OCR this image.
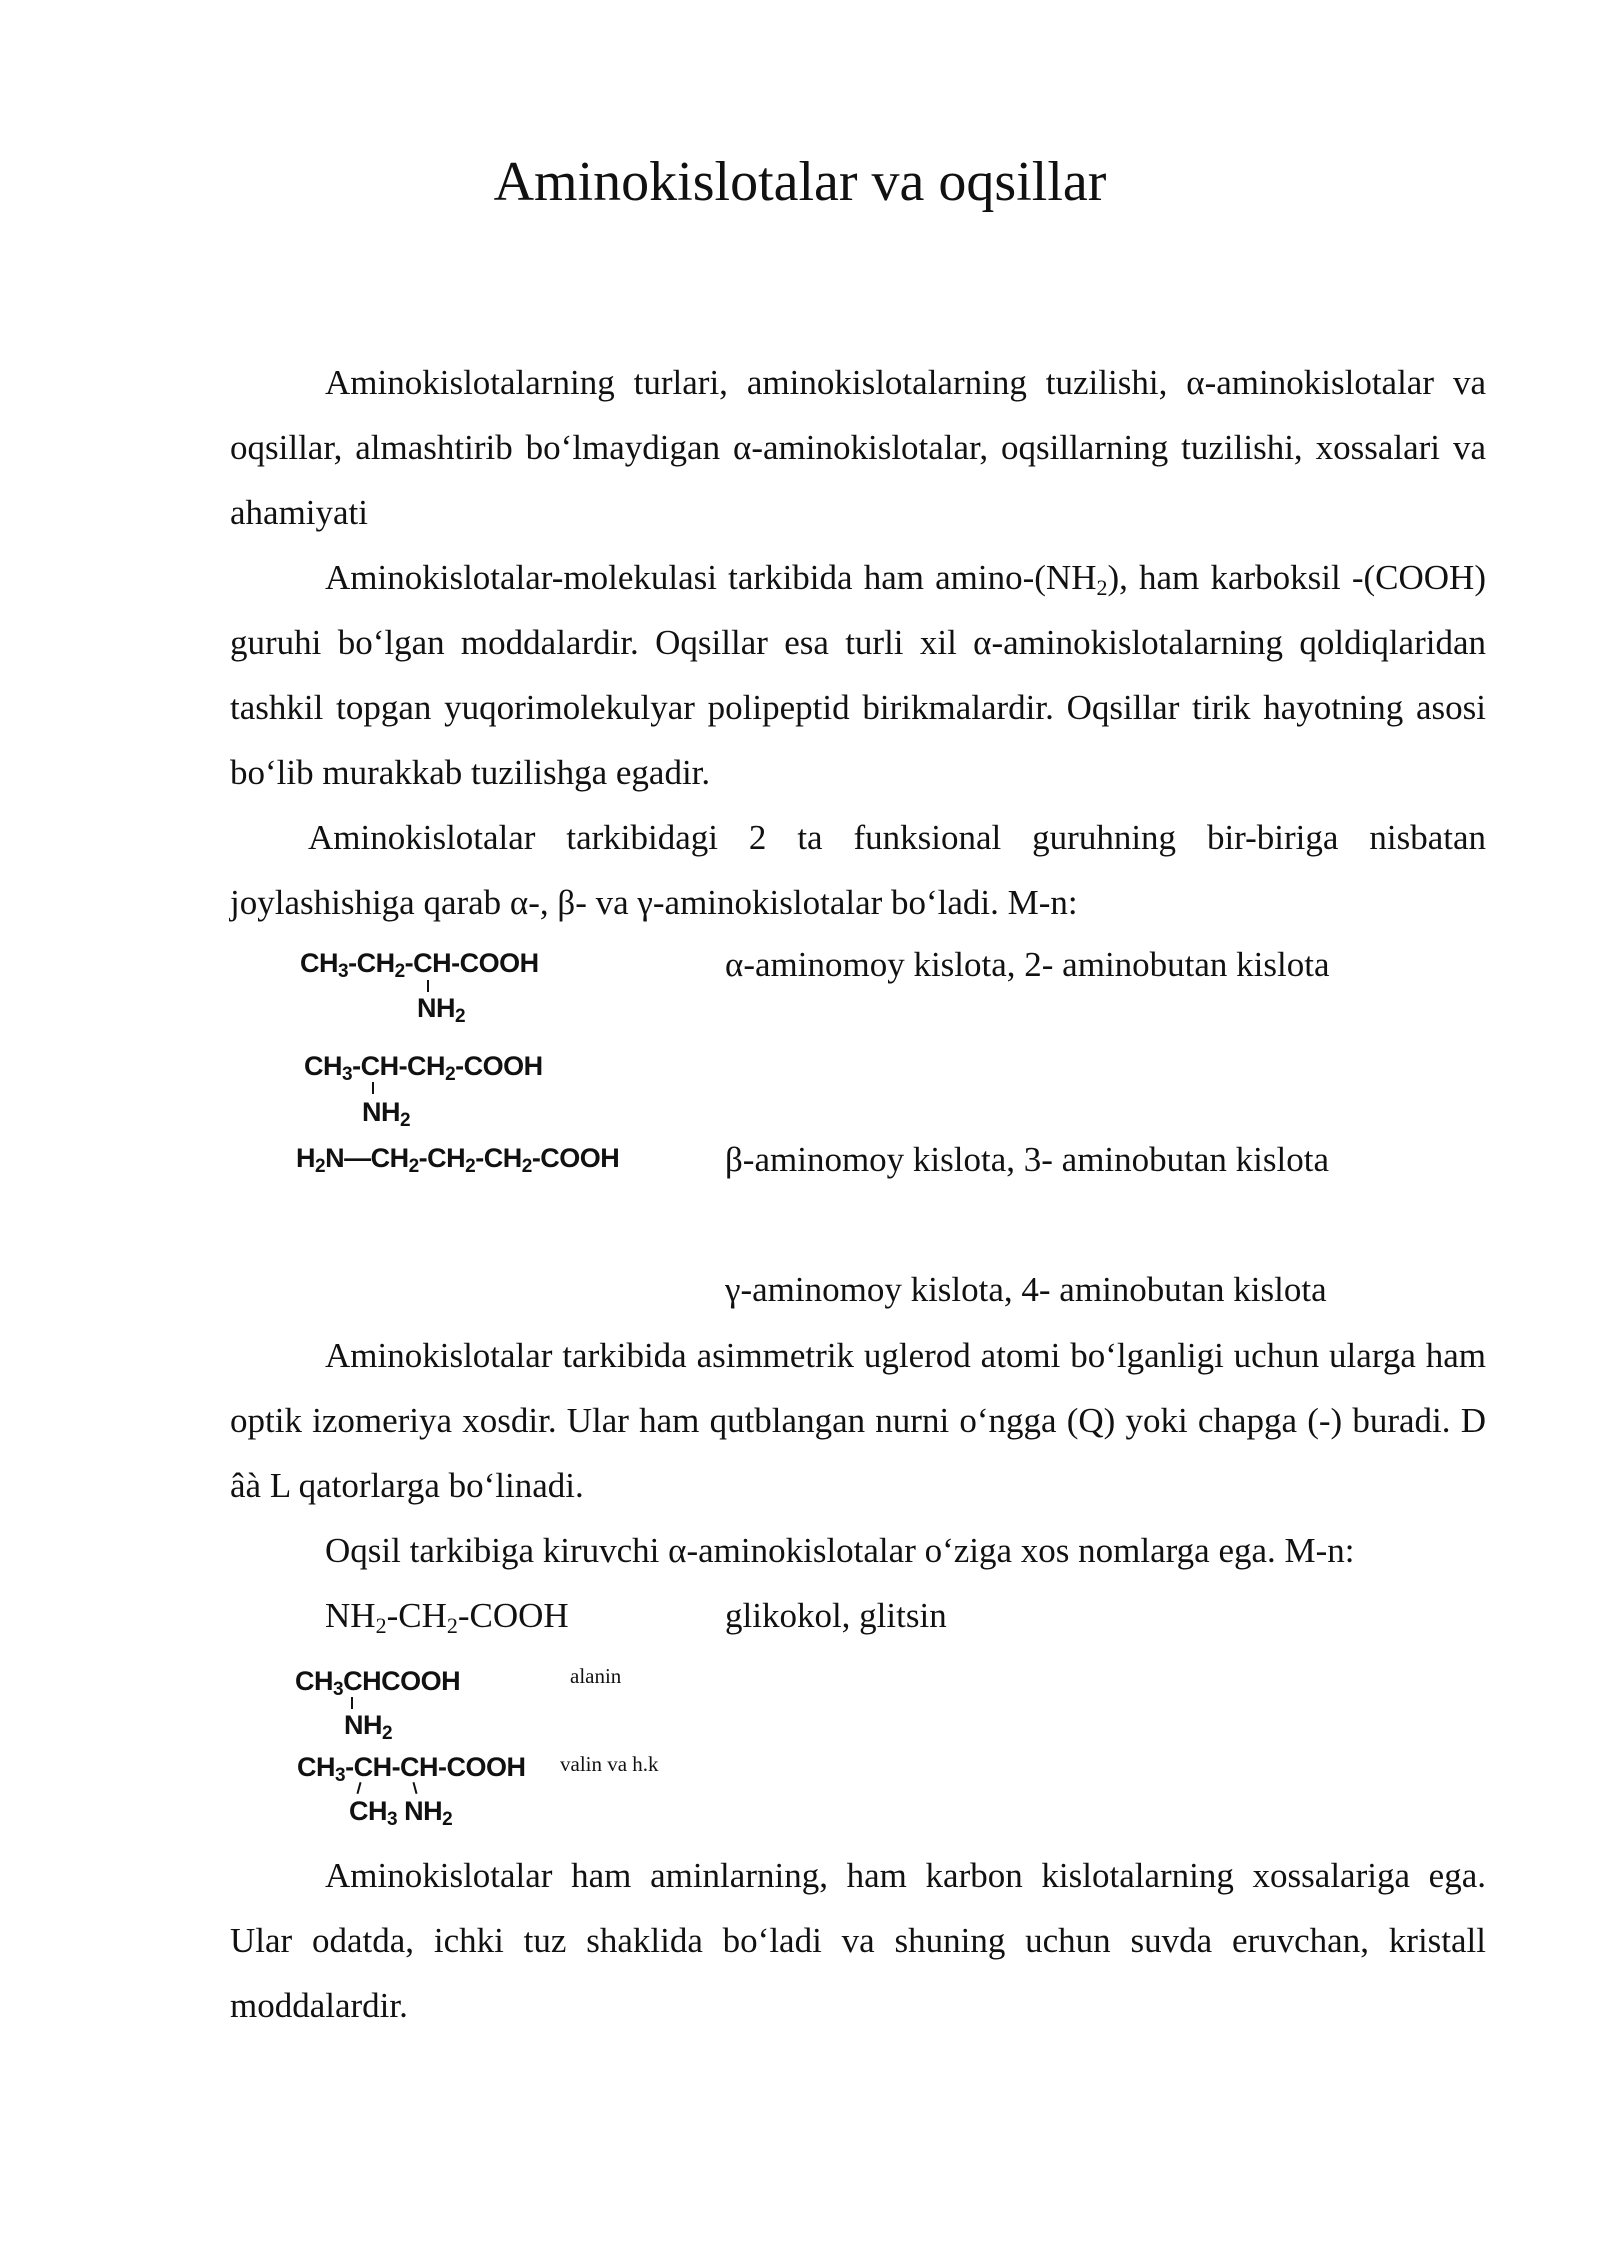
Aminokislotalar va oqsillar

Aminokislotalarning turlari, aminokislotalarning tuzilishi, α-aminokislotalar va oqsillar, almashtirib bo‘lmaydigan α-aminokislotalar, oqsillarning tuzilishi, xossalari va ahamiyati

Aminokislotalar-molekulasi tarkibida ham amino-$(NH_2)$, ham karboksil -(COOH) guruhi bo‘lgan moddalardir. Oqsillar esa turli xil α-aminokislotalarning qoldiqlaridan tashkil topgan yuqorimolekulyar polipeptid birikmalardir. Oqsillar tirik hayotning asosi bo‘lib murakkab tuzilishga egadir.

Aminokislotalar tarkibidagi 2 ta funksional guruhning bir-biriga nisbatan joylashishiga qarab α-, β- va γ-aminokislotalar bo‘ladi. M-n:

$CH_3-CH_2-CH$-COOH
$NH_2$
$CH_3-CH-CH_2$-COOH
$NH_2$
$H_2N—CH_2-CH_2-CH_2$-COOH

α-aminomoy kislota, 2- aminobutan kislota

β-aminomoy kislota, 3- aminobutan kislota

γ-aminomoy kislota, 4- aminobutan kislota

Aminokislotalar tarkibida asimmetrik uglerod atomi bo‘lganligi uchun ularga ham optik izomeriya xosdir. Ular ham qutblangan nurni o‘ngga (Q) yoki chapga (-) buradi. D âà L qatorlarga bo‘linadi.

Oqsil tarkibiga kiruvchi α-aminokislotalar o‘ziga xos nomlarga ega. M-n:

$NH_2-CH_2$-COOH	glikokol, glitsin

$CH_3CHCOOH$
$NH_2$
alanin
$CH_3-CH-CH$-COOH
$CH_3$ $NH_2$
valin va h.k

Aminokislotalar ham aminlarning, ham karbon kislotalarning xossalariga ega. Ular odatda, ichki tuz shaklida bo‘ladi va shuning uchun suvda eruvchan, kristall moddalardir.
